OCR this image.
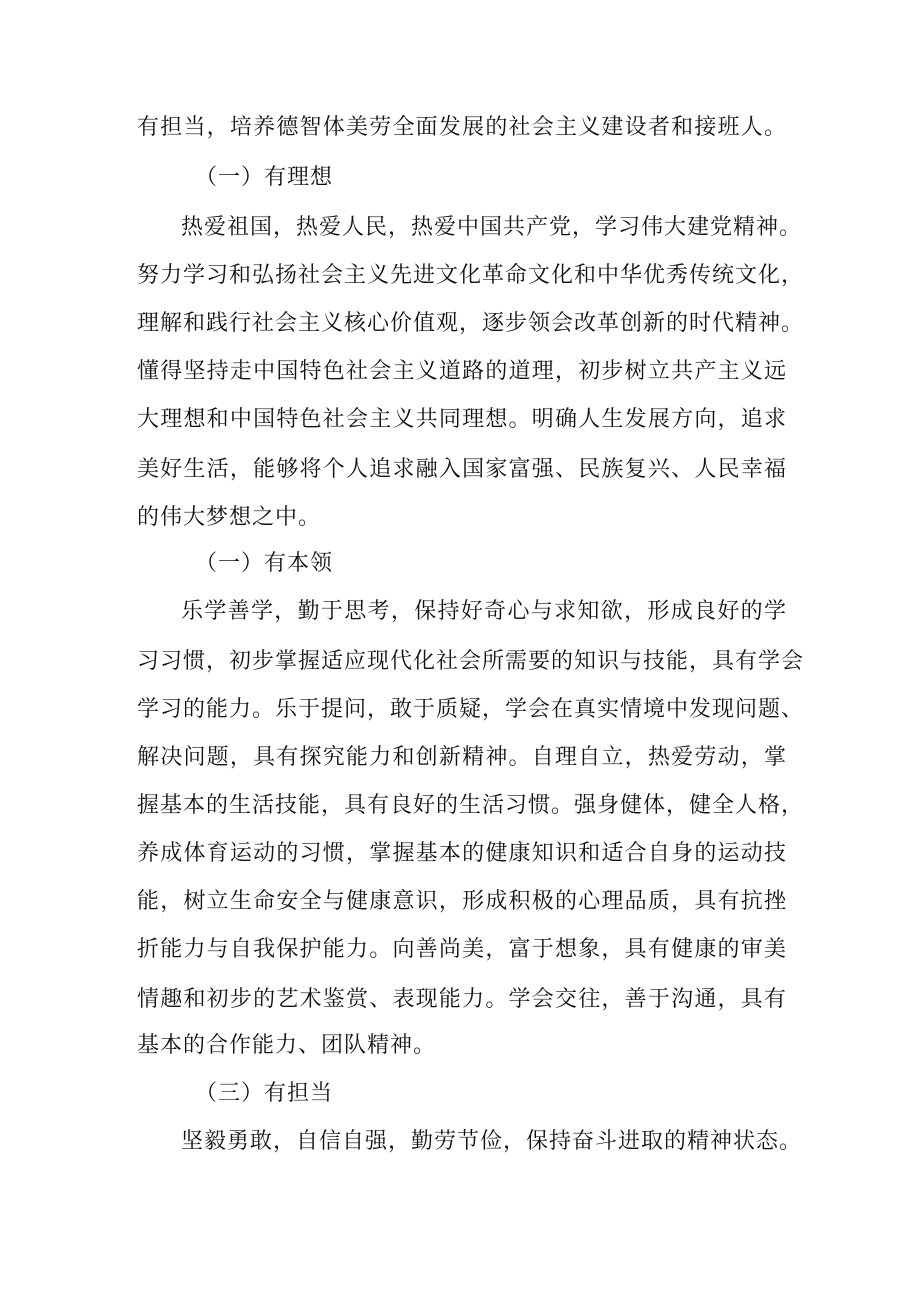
有担当，培养德智体美劳全面发展的社会主义建设者和接班人。

（一）有理想

热爱祖国，热爱人民，热爱中国共产党，学习伟大建党精神。

努力学习和弘扬社会主义先进文化革命文化和中华优秀传统文化，

理解和践行社会主义核心价值观，逐步领会改革创新的时代精神。

懂得坚持走中国特色社会主义道路的道理，初步树立共产主义远

大理想和中国特色社会主义共同理想。明确人生发展方向，追求

美好生活，能够将个人追求融入国家富强、民族复兴、人民幸福

的伟大梦想之中。

（一）有本领

乐学善学，勤于思考，保持好奇心与求知欲，形成良好的学

习习惯，初步掌握适应现代化社会所需要的知识与技能，具有学会

学习的能力。乐于提问，敢于质疑，学会在真实情境中发现问题、

解决问题，具有探究能力和创新精神。自理自立，热爱劳动，掌

握基本的生活技能，具有良好的生活习惯。强身健体，健全人格，

养成体育运动的习惯，掌握基本的健康知识和适合自身的运动技

能，树立生命安全与健康意识，形成积极的心理品质，具有抗挫

折能力与自我保护能力。向善尚美，富于想象，具有健康的审美

情趣和初步的艺术鉴赏、表现能力。学会交往，善于沟通，具有

基本的合作能力、团队精神。

（三）有担当

坚毅勇敢，自信自强，勤劳节俭，保持奋斗进取的精神状态。
